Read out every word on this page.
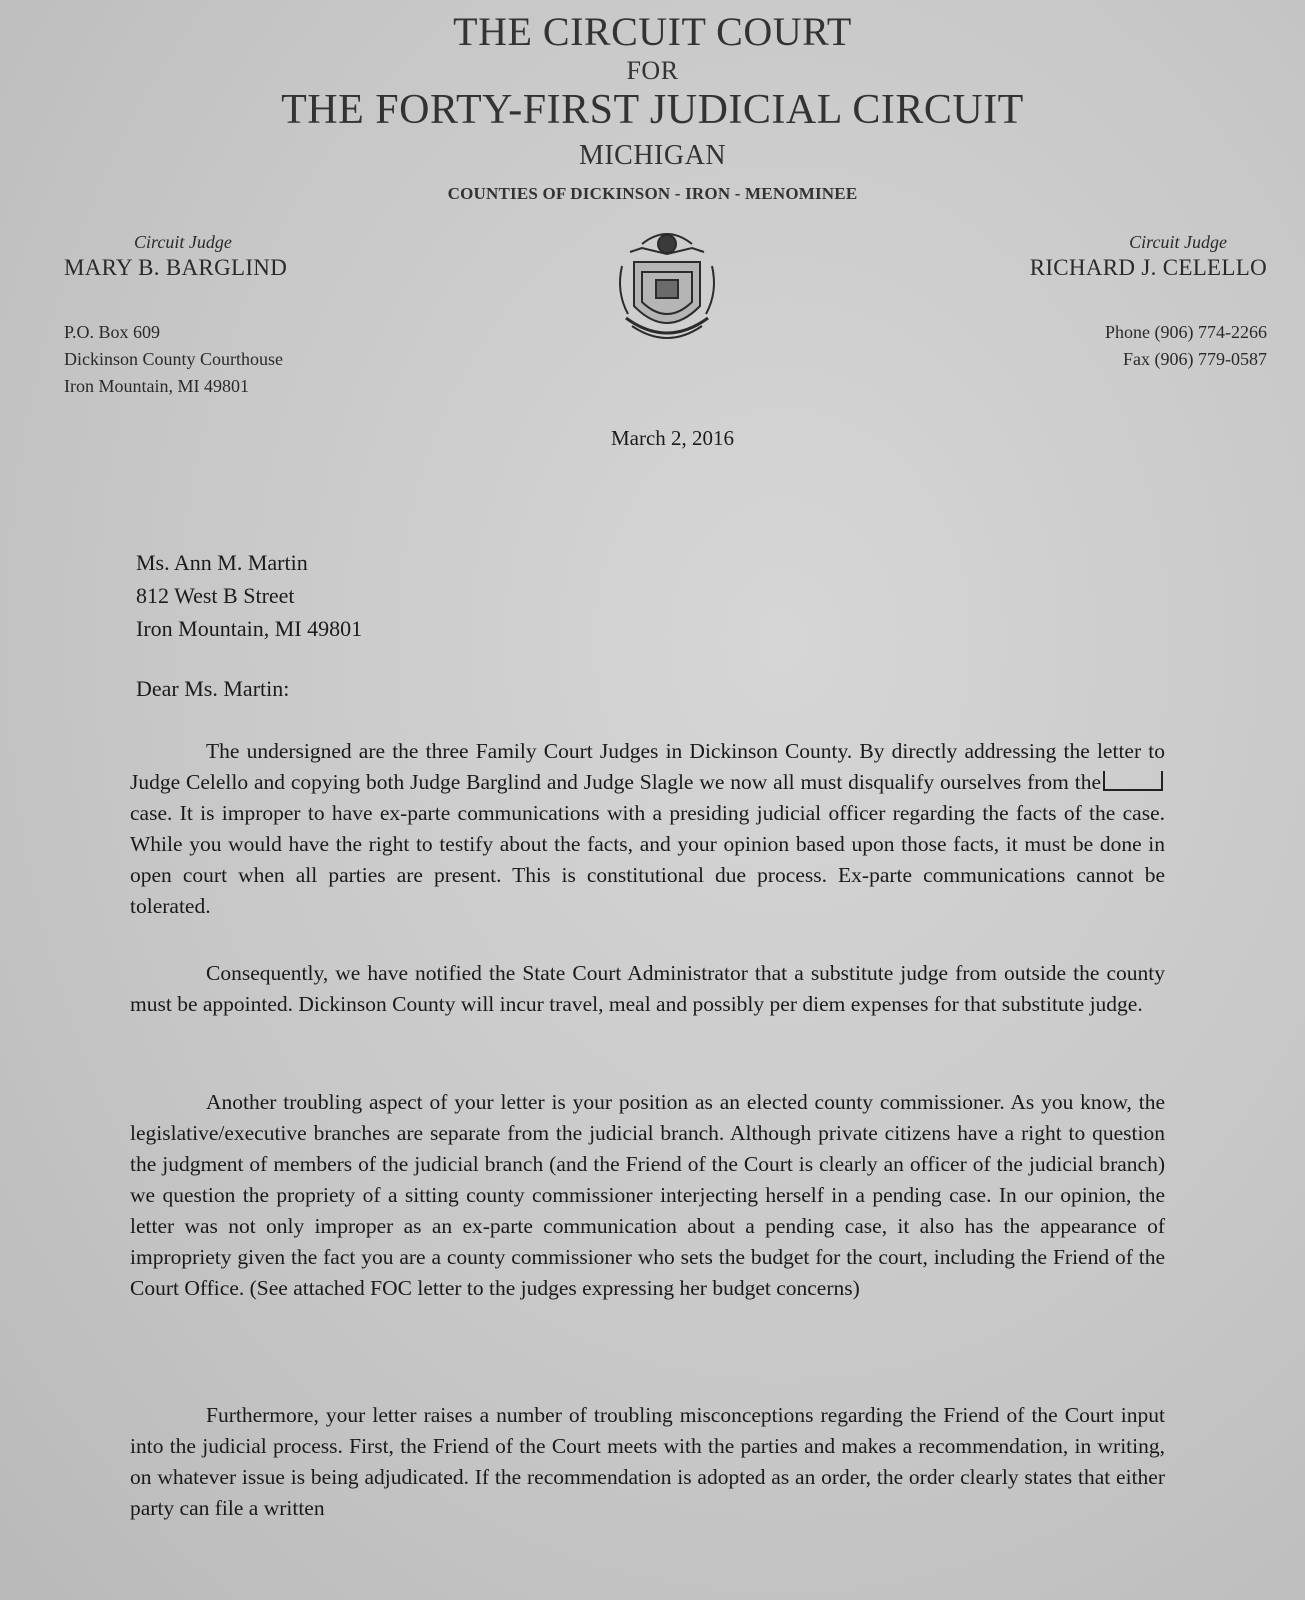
THE CIRCUIT COURT
FOR
THE FORTY-FIRST JUDICIAL CIRCUIT
MICHIGAN
COUNTIES OF DICKINSON - IRON - MENOMINEE
Circuit Judge
MARY B. BARGLIND
Circuit Judge
RICHARD J. CELELLO
P.O. Box 609
Dickinson County Courthouse
Iron Mountain, MI 49801
Phone (906) 774-2266
Fax (906) 779-0587
March 2, 2016
Ms. Ann M. Martin
812 West B Street
Iron Mountain, MI 49801
Dear Ms. Martin:
The undersigned are the three Family Court Judges in Dickinson County. By directly addressing the letter to Judge Celello and copying both Judge Barglind and Judge Slagle we now all must disqualify ourselves from thecase. It is improper to have ex-parte communications with a presiding judicial officer regarding the facts of the case. While you would have the right to testify about the facts, and your opinion based upon those facts, it must be done in open court when all parties are present. This is constitutional due process. Ex-parte communications cannot be tolerated.
Consequently, we have notified the State Court Administrator that a substitute judge from outside the county must be appointed. Dickinson County will incur travel, meal and possibly per diem expenses for that substitute judge.
Another troubling aspect of your letter is your position as an elected county commissioner. As you know, the legislative/executive branches are separate from the judicial branch. Although private citizens have a right to question the judgment of members of the judicial branch (and the Friend of the Court is clearly an officer of the judicial branch) we question the propriety of a sitting county commissioner interjecting herself in a pending case. In our opinion, the letter was not only improper as an ex-parte communication about a pending case, it also has the appearance of impropriety given the fact you are a county commissioner who sets the budget for the court, including the Friend of the Court Office. (See attached FOC letter to the judges expressing her budget concerns)
Furthermore, your letter raises a number of troubling misconceptions regarding the Friend of the Court input into the judicial process. First, the Friend of the Court meets with the parties and makes a recommendation, in writing, on whatever issue is being adjudicated. If the recommendation is adopted as an order, the order clearly states that either party can file a written
